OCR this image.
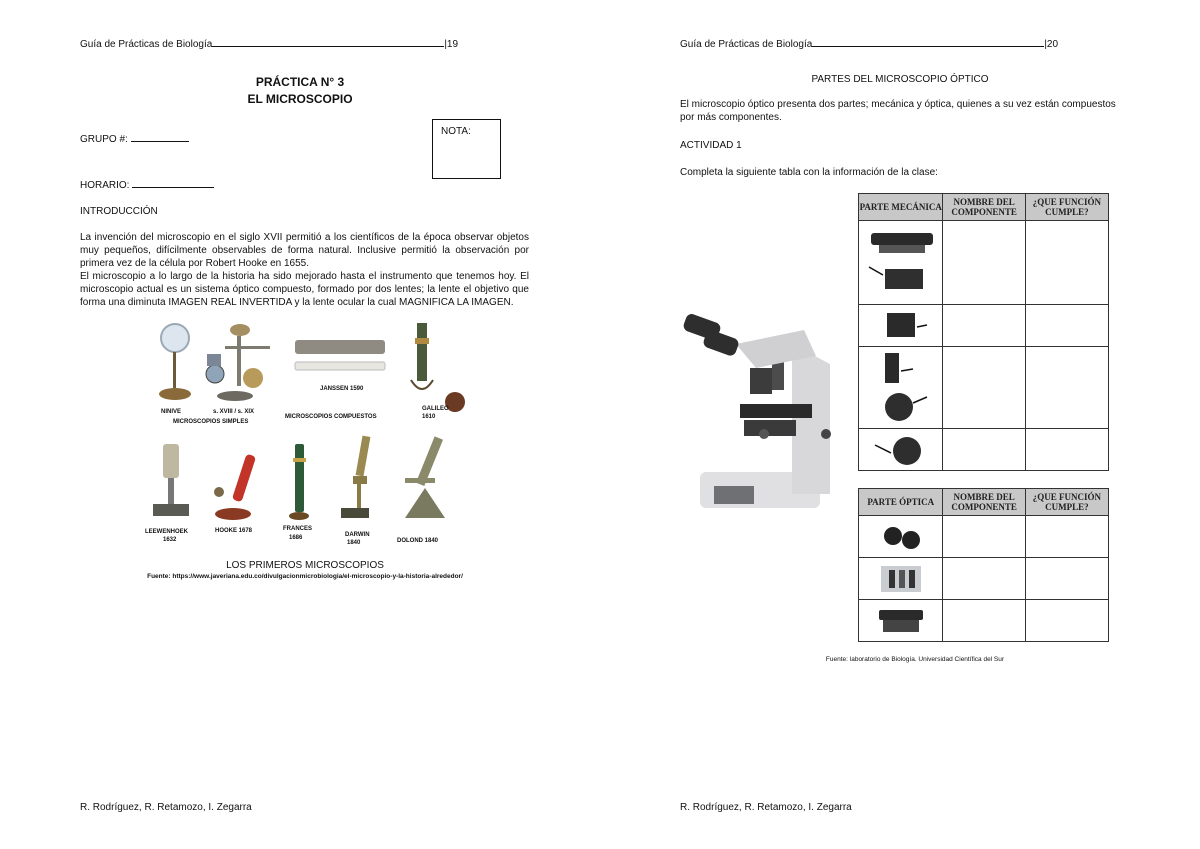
Guía de Prácticas de Biología	|19
PRÁCTICA N° 3
EL MICROSCOPIO
GRUPO #:
NOTA:
HORARIO:
INTRODUCCIÓN
La invención del microscopio en el siglo XVII permitió a los científicos de la época observar objetos muy pequeños, difícilmente observables de forma natural. Inclusive permitió la observación por primera vez de la célula por Robert Hooke en 1655.
El microscopio a lo largo de la historia ha sido mejorado hasta el instrumento que tenemos hoy. El microscopio actual es un sistema óptico compuesto, formado por dos lentes; la lente el objetivo que forma una diminuta IMAGEN REAL INVERTIDA y la lente ocular la cual MAGNIFICA LA IMAGEN.
NINIVE	s. XVIII / s. XIX
MICROSCOPIOS SIMPLES
JANSSEN 1590
MICROSCOPIOS COMPUESTOS
GALILEO
1610
LEEWENHOEK
1632
HOOKE 1678	FRANCES
1686	DARWIN
1840	DOLOND 1840
LOS PRIMEROS MICROSCOPIOS
Fuente: https://www.javeriana.edu.co/divulgacionmicrobiologia/el-microscopio-y-la-historia-alrededor/
R. Rodríguez, R. Retamozo, I. Zegarra
Guía de Prácticas de Biología	|20
PARTES DEL MICROSCOPIO ÓPTICO
El microscopio óptico presenta dos partes; mecánica y óptica, quienes a su vez están compuestos por más componentes.
ACTIVIDAD 1
Completa la siguiente tabla con la información de la clase:
PARTE MECÁNICA	NOMBRE DEL COMPONENTE	¿QUE FUNCIÓN CUMPLE?

PARTE ÓPTICA	NOMBRE DEL COMPONENTE	¿QUE FUNCIÓN CUMPLE?

Fuente: laboratorio de Biología. Universidad Científica del Sur
R. Rodríguez, R. Retamozo, I. Zegarra
